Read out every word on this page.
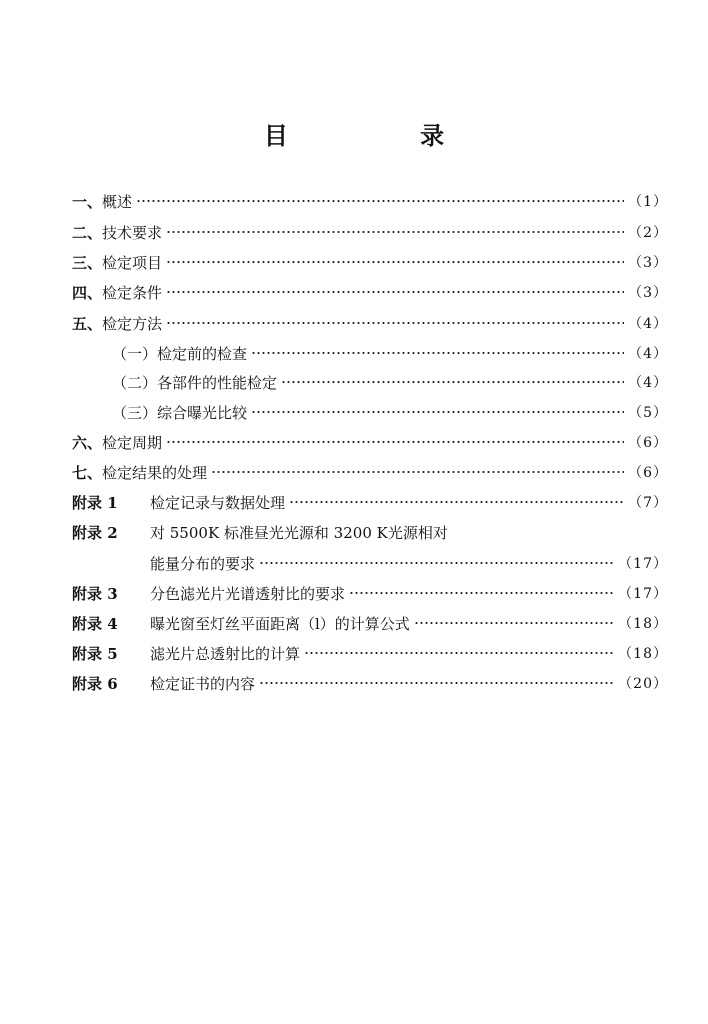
目 录
一、 概述	（1）
二、 技术要求	（2）
三、 检定项目	（3）
四、 检定条件	（3）
五、 检定方法	（4）
（一） 检定前的检查	（4）
（二） 各部件的性能检定	（4）
（三） 综合曝光比较	（5）
六、 检定周期	（6）
七、 检定结果的处理	（6）
附录 1	检定记录与数据处理	（7）
附录 2	对 5500K 标准昼光光源和 3200 K光源相对
能量分布的要求	（17）
附录 3	分色滤光片光谱透射比的要求	（17）
附录 4	曝光窗至灯丝平面距离（l）的计算公式	（18）
附录 5	滤光片总透射比的计算	（18）
附录 6	检定证书的内容	（20）
